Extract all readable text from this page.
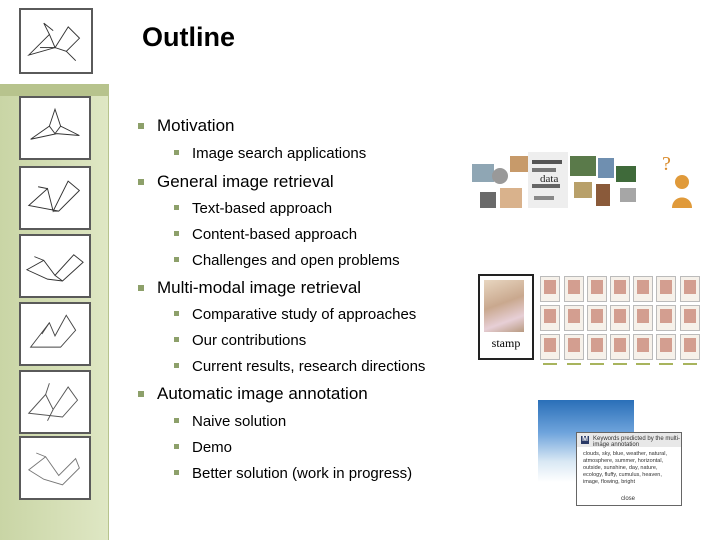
Outline
Motivation
Image search applications
General image retrieval
Text-based approach
Content-based approach
Challenges and open problems
Multi-modal image retrieval
Comparative study of approaches
Our contributions
Current results, research directions
Automatic image annotation
Naive solution
Demo
Better solution (work in progress)
data
?
stamp
M Keywords predicted by the multi-image annotation
clouds, sky, blue, weather, natural, atmosphere, summer, horizontal, outside, sunshine, day, nature, ecology, fluffy, cumulus, heaven, image, flowing, bright
close
